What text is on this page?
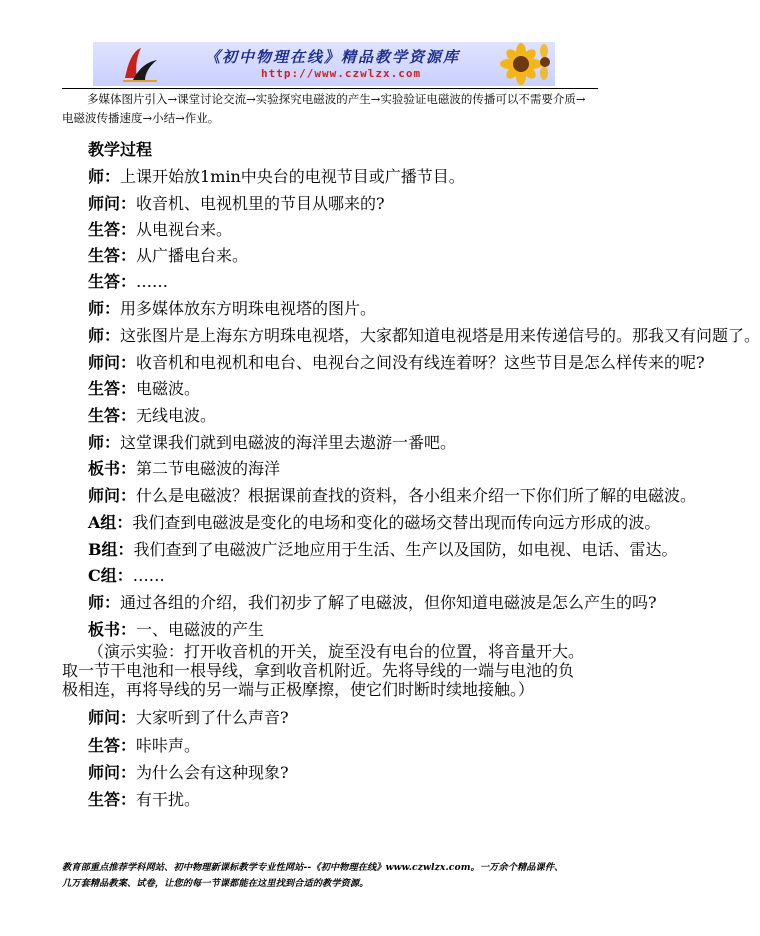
《初中物理在线》精品教学资源库
http://www.czwlzx.com

多媒体图片引入→课堂讨论交流→实验探究电磁波的产生→实验验证电磁波的传播可以不需要介质→电磁波传播速度→小结→作业。

教学过程

师：上课开始放1min中央台的电视节目或广播节目。

师问：收音机、电视机里的节目从哪来的?

生答：从电视台来。

生答：从广播电台来。

生答：……

师：用多媒体放东方明珠电视塔的图片。

师：这张图片是上海东方明珠电视塔，大家都知道电视塔是用来传递信号的。那我又有问题了。

师问：收音机和电视机和电台、电视台之间没有线连着呀？这些节目是怎么样传来的呢?

生答：电磁波。

生答：无线电波。

师：这堂课我们就到电磁波的海洋里去遨游一番吧。

板书：第二节电磁波的海洋

师问：什么是电磁波？根据课前查找的资料，各小组来介绍一下你们所了解的电磁波。

A组：我们查到电磁波是变化的电场和变化的磁场交替出现而传向远方形成的波。

B组：我们查到了电磁波广泛地应用于生活、生产以及国防，如电视、电话、雷达。

C组：……

师：通过各组的介绍，我们初步了解了电磁波，但你知道电磁波是怎么产生的吗?

板书：一、电磁波的产生

（演示实验：打开收音机的开关，旋至没有电台的位置，将音量开大。取一节干电池和一根导线，拿到收音机附近。先将导线的一端与电池的负极相连，再将导线的另一端与正极摩擦，使它们时断时续地接触。）

师问：大家听到了什么声音?

生答：咔咔声。

师问：为什么会有这种现象?

生答：有干扰。

教育部重点推荐学科网站、初中物理新课标教学专业性网站--《初中物理在线》www.czwlzx.com。一万余个精品课件、
几万套精品教案、试卷，让您的每一节课都能在这里找到合适的教学资源。
